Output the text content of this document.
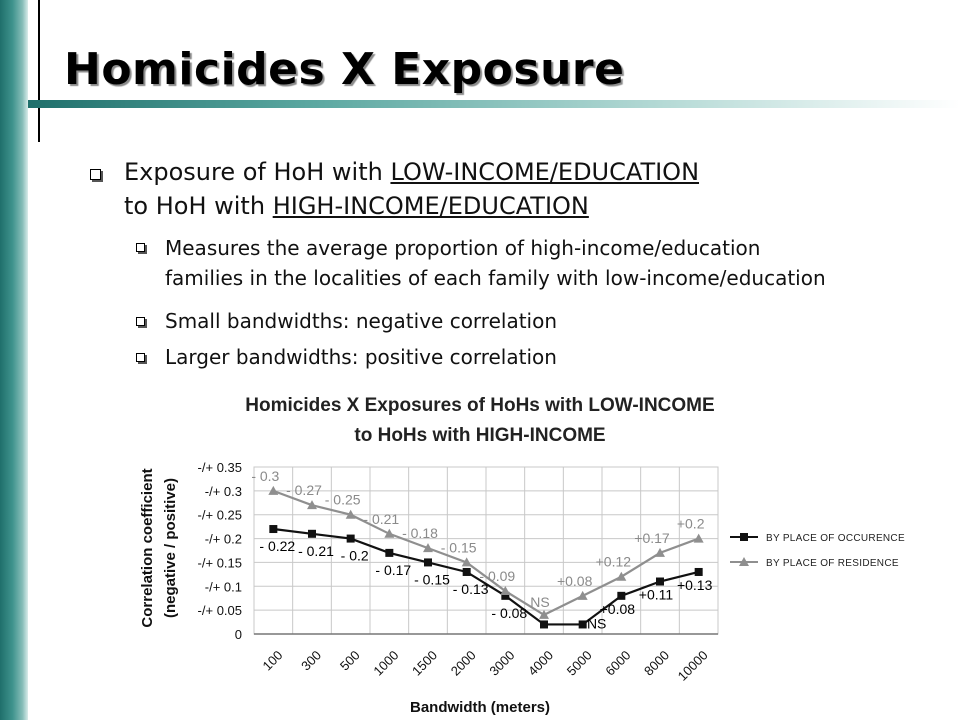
Homicides X Exposure
Exposure of HoH with LOW-INCOME/EDUCATION
to HoH with HIGH-INCOME/EDUCATION
Measures the average proportion of high-income/education
families in the localities of each family with low-income/education
Small bandwidths: negative correlation
Larger bandwidths: positive correlation
Homicides X Exposures of HoHs with LOW-INCOME
to HoHs with HIGH-INCOME
- 0.22 - 0.21 - 0.2
- 0.17
- 0.15
- 0.13
- 0.08
NS
+0.08
+0.11
+0.13
- 0.3
- 0.27
- 0.25
- 0.21
- 0.18
- 0.15
- 0.09
NS
+0.08
+0.12
+0.17
+0.2
-/+ 0.35
-/+ 0.3
-/+ 0.25
-/+ 0.2
-/+ 0.15
-/+ 0.1
-/+ 0.05
0
100 300 500 1000 1500 2000 3000 4000 5000 6000 8000 10000
Bandwidth (meters)
Correlation coefficient (negative / positive)	BY PLACE OF OCCURENCE
BY PLACE OF RESIDENCE
